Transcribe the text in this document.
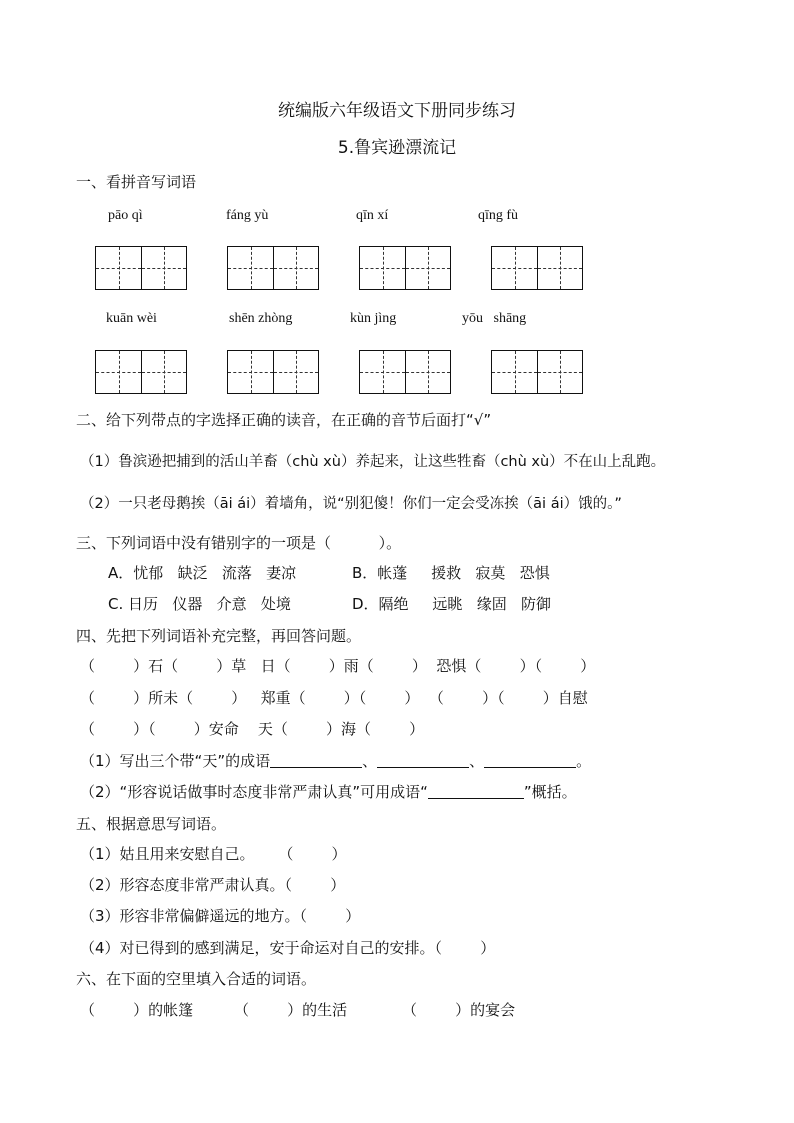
统编版六年级语文下册同步练习
5.鲁宾逊漂流记
一、看拼音写词语
pāo qì	fáng yù	qīn xí	qīng fù
kuān wèi	shēn zhòng	kùn jìng	yōu   shāng
二、给下列带点的字选择正确的读音，在正确的音节后面打“√”
（1）鲁滨逊把捕到的活山羊畜（chù xù）养起来，让这些牲畜（chù xù）不在山上乱跑。
（2）一只老母鹅挨（āi ái）着墙角，说“别犯傻！你们一定会受冻挨（āi ái）饿的。”
三、下列词语中没有错别字的一项是（          ）。
A．忧郁   缺泛   流落   妻凉	B．帐蓬     援救   寂莫   恐惧
C. 日历   仪器   介意   处境	D．隔绝     远眺   缘固   防御
四、先把下列词语补充完整，再回答问题。
（        ）石（        ）草   日（        ）雨（        ）  恐惧（        ）（        ）
（        ）所未（        ）   郑重（        ）（        ）  （        ）（        ）自慰
（        ）（        ）安命    天（        ）海（        ）
（1）写出三个带“天”的成语	、	、	。
（2）“形容说话做事时态度非常严肃认真”可用成语“	”概括。
五、根据意思写词语。
（1）姑且用来安慰自己。     （        ）
（2）形容态度非常严肃认真。（        ）
（3）形容非常偏僻遥远的地方。（        ）
（4）对已得到的感到满足，安于命运对自己的安排。（        ）
六、在下面的空里填入合适的词语。
（        ）的帐篷	（        ）的生活	（        ）的宴会
